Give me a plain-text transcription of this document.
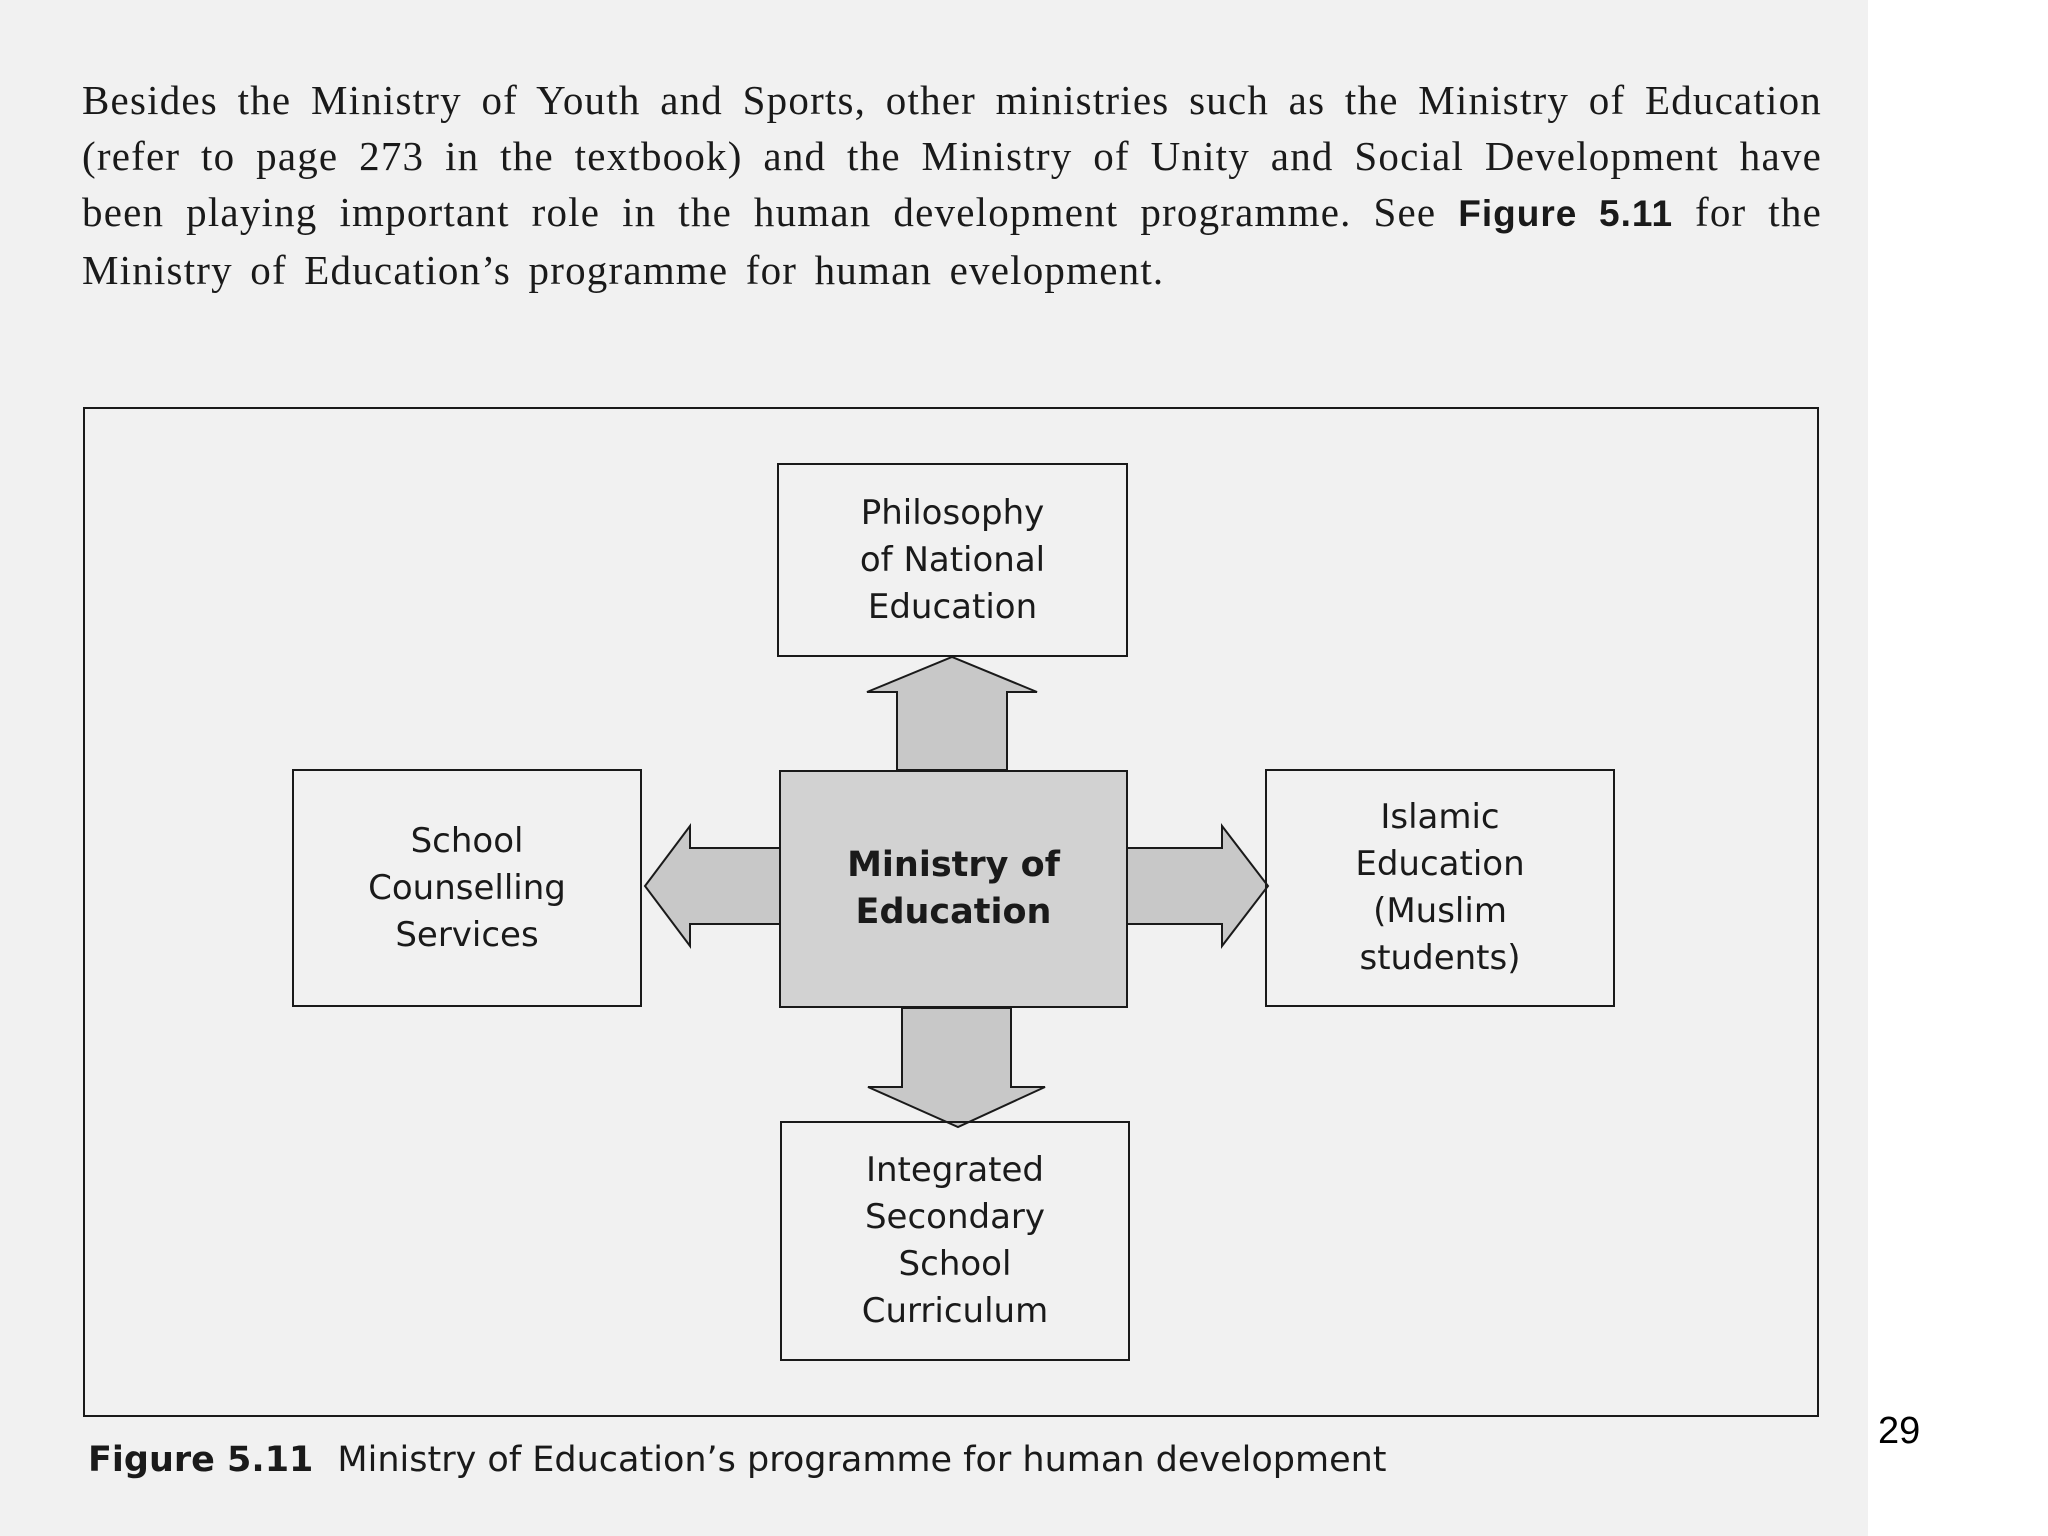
Besides the Ministry of Youth and Sports, other ministries such as the Ministry of Education (refer to page 273 in the textbook) and the Ministry of Unity and Social Development have been playing important role in the human development programme. See Figure 5.11 for the Ministry of Education’s programme for human evelopment.
Philosophy
of National
Education
Ministry of
Education
School
Counselling
Services
Islamic
Education
(Muslim
students)
Integrated
Secondary
School
Curriculum
Figure 5.11 Ministry of Education’s programme for human development
29
